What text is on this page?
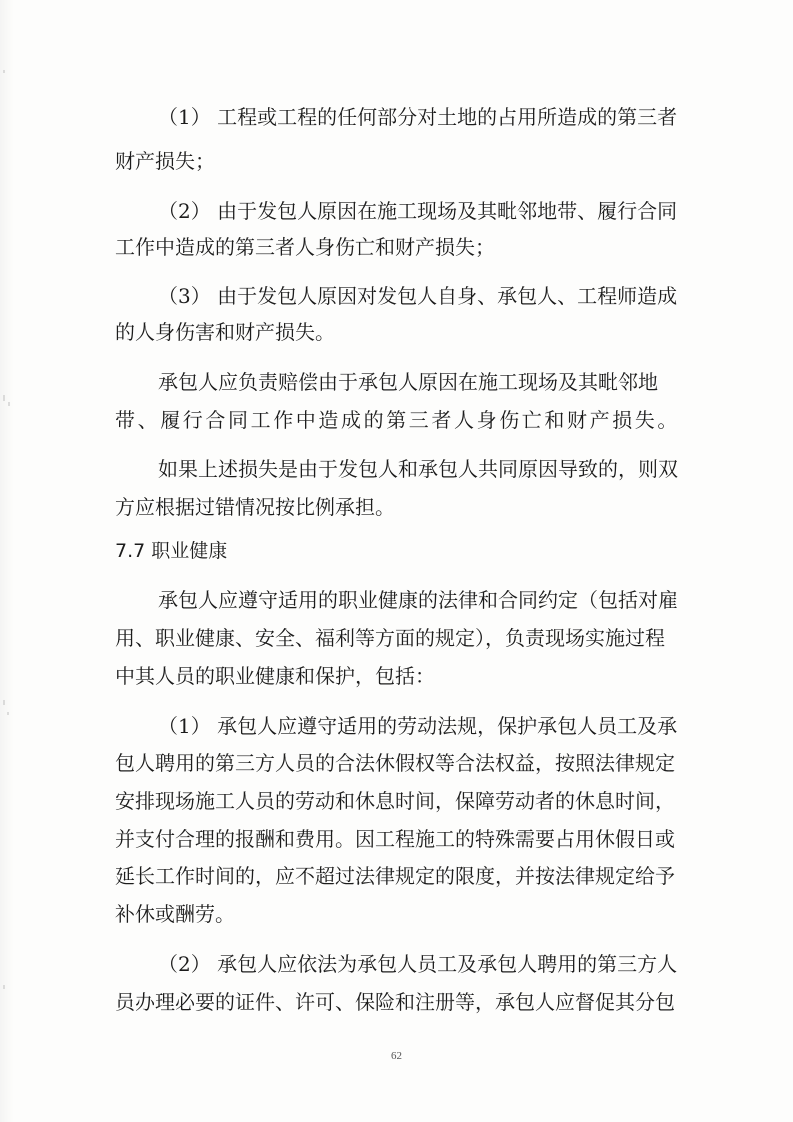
（1） 工程或工程的任何部分对土地的占用所造成的第三者
财产损失；
（2） 由于发包人原因在施工现场及其毗邻地带、履行合同
工作中造成的第三者人身伤亡和财产损失；
（3） 由于发包人原因对发包人自身、承包人、工程师造成
的人身伤害和财产损失。
承包人应负责赔偿由于承包人原因在施工现场及其毗邻地
带、履行合同工作中造成的第三者人身伤亡和财产损失。
如果上述损失是由于发包人和承包人共同原因导致的，则双
方应根据过错情况按比例承担。
7.7 职业健康
承包人应遵守适用的职业健康的法律和合同约定（包括对雇
用、职业健康、安全、福利等方面的规定），负责现场实施过程
中其人员的职业健康和保护，包括：
（1） 承包人应遵守适用的劳动法规，保护承包人员工及承
包人聘用的第三方人员的合法休假权等合法权益，按照法律规定
安排现场施工人员的劳动和休息时间，保障劳动者的休息时间，
并支付合理的报酬和费用。因工程施工的特殊需要占用休假日或
延长工作时间的，应不超过法律规定的限度，并按法律规定给予
补休或酬劳。
（2） 承包人应依法为承包人员工及承包人聘用的第三方人
员办理必要的证件、许可、保险和注册等，承包人应督促其分包
62
